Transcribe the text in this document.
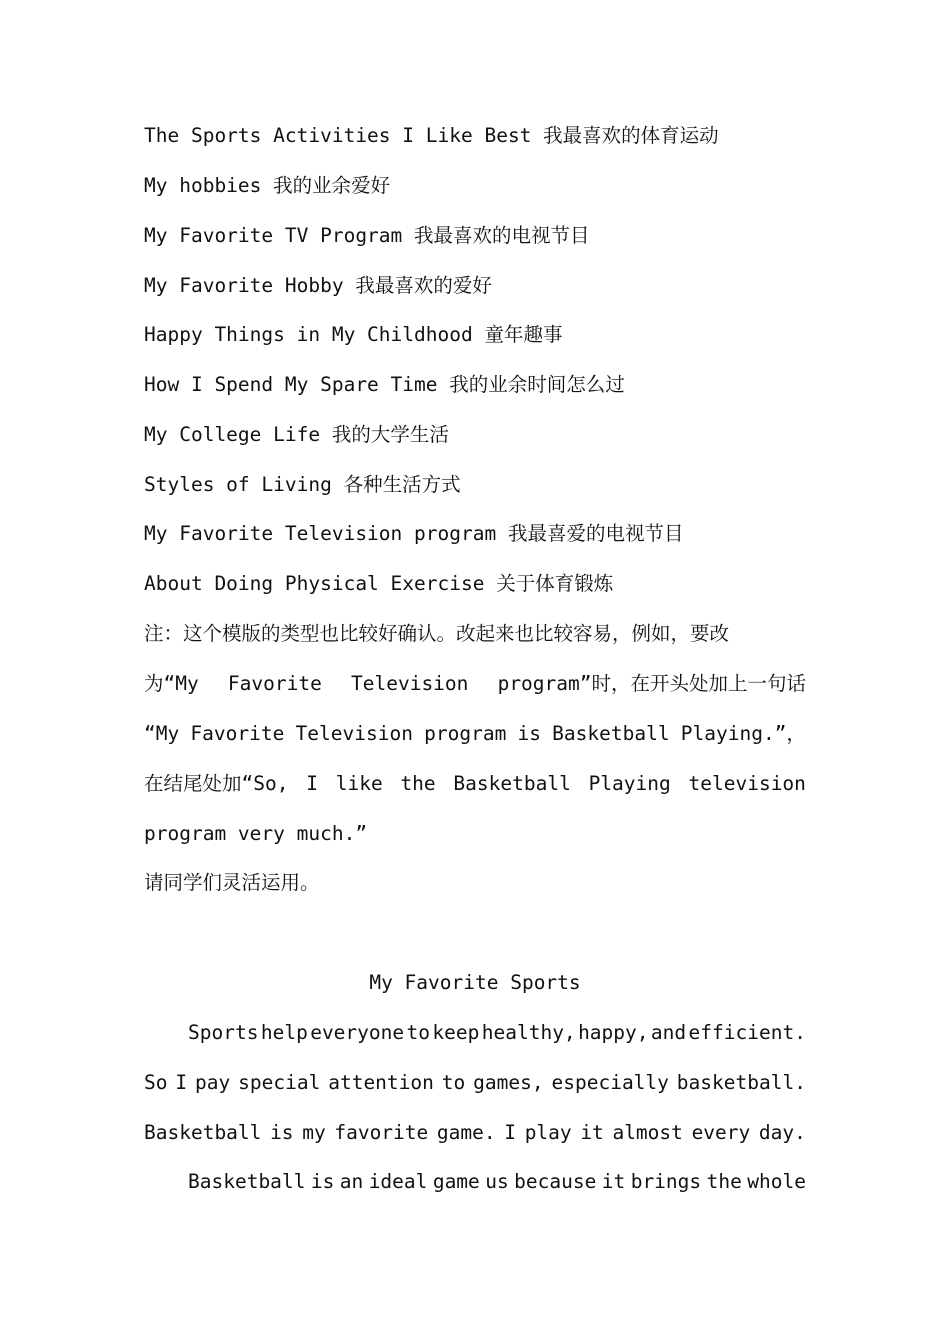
The Sports Activities I Like Best 我最喜欢的体育运动
My hobbies 我的业余爱好
My Favorite TV Program 我最喜欢的电视节目
My Favorite Hobby 我最喜欢的爱好
Happy Things in My Childhood 童年趣事
How I Spend My Spare Time 我的业余时间怎么过
My College Life 我的大学生活
Styles of Living 各种生活方式
My Favorite Television program 我最喜爱的电视节目
About Doing Physical Exercise 关于体育锻炼
注：这个模版的类型也比较好确认。改起来也比较容易，例如，要改
为“My Favorite Television program”时，在开头处加上一句话
“My Favorite Television program is Basketball Playing.”，
在结尾处加“So, I like the Basketball Playing television
program very much.”
请同学们灵活运用。
My Favorite Sports
Sports help everyone to keep healthy, happy, and efficient.
So I pay special attention to games, especially basketball.
Basketball is my favorite game. I play it almost every day.
Basketball is an ideal game us because it brings the whole
